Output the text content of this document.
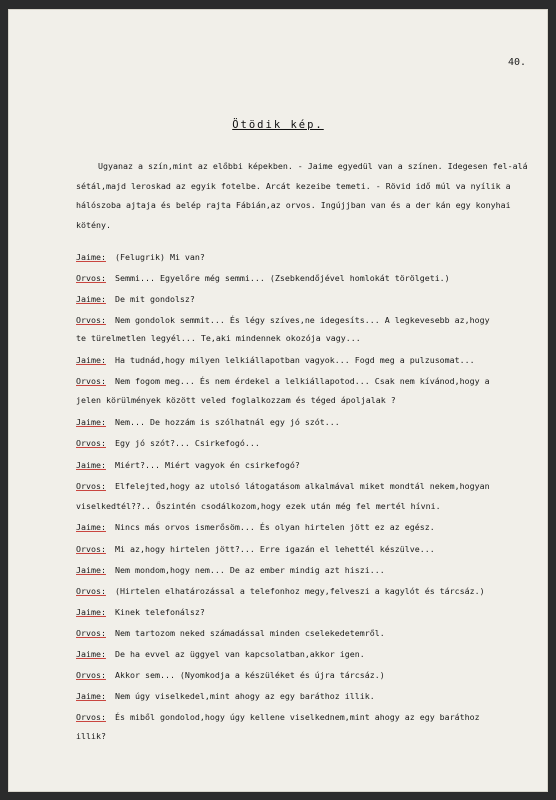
40.
Ötödik kép.
Ugyanaz a szín,mint az előbbi képekben. - Jaime egyedül van a színen. Idegesen fel-alá sétál,majd leroskad az egyik fotelbe. Arcát kezeibe temeti. - Rövid idő múl va nyílik a hálószoba ajtaja és belép rajta Fábián,az orvos. Ingújjban van és a der kán egy konyhai kötény.
Jaime: (Felugrik) Mi van?
Orvos: Semmi... Egyelőre még semmi... (Zsebkendőjével homlokát törölgeti.)
Jaime: De mit gondolsz?
Orvos: Nem gondolok semmit... És légy szíves,ne idegesíts... A legkevesebb az,hogy
te türelmetlen legyél... Te,aki mindennek okozója vagy...
Jaime: Ha tudnád,hogy milyen lelkiállapotban vagyok... Fogd meg a pulzusomat...
Orvos: Nem fogom meg... És nem érdekel a lelkiállapotod... Csak nem kívánod,hogy a
jelen körülmények között veled foglalkozzam és téged ápoljalak ?
Jaime: Nem... De hozzám is szólhatnál egy jó szót...
Orvos: Egy jó szót?... Csirkefogó...
Jaime: Miért?... Miért vagyok én csirkefogó?
Orvos: Elfelejted,hogy az utolsó látogatásom alkalmával miket mondtál nekem,hogyan
viselkedtél??.. Őszintén csodálkozom,hogy ezek után még fel mertél hívni.
Jaime: Nincs más orvos ismerősöm... És olyan hirtelen jött ez az egész.
Orvos: Mi az,hogy hirtelen jött?... Erre igazán el lehettél készülve...
Jaime: Nem mondom,hogy nem... De az ember mindig azt hiszi...
Orvos: (Hirtelen elhatározással a telefonhoz megy,felveszi a kagylót és tárcsáz.)
Jaime: Kinek telefonálsz?
Orvos: Nem tartozom neked számadással minden cselekedetemről.
Jaime: De ha evvel az üggyel van kapcsolatban,akkor igen.
Orvos: Akkor sem... (Nyomkodja a készüléket és újra tárcsáz.)
Jaime: Nem úgy viselkedel,mint ahogy az egy baráthoz illik.
Orvos: És miből gondolod,hogy úgy kellene viselkednem,mint ahogy az egy baráthoz
illik?
